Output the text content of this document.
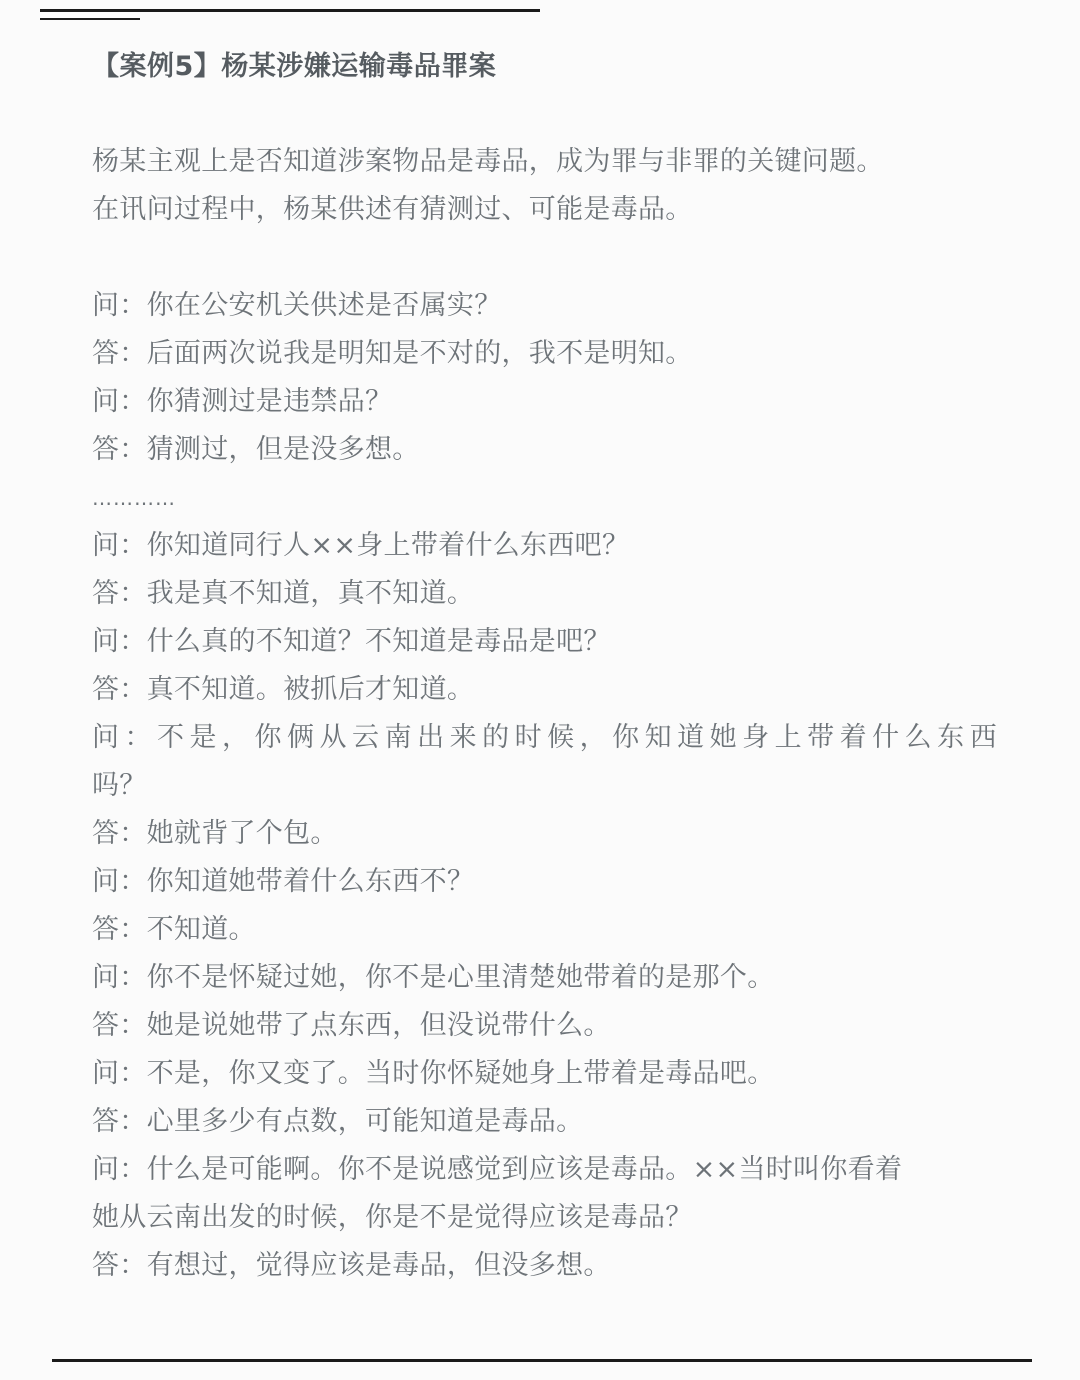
【案例5】杨某涉嫌运输毒品罪案

杨某主观上是否知道涉案物品是毒品，成为罪与非罪的关键问题。

在讯问过程中，杨某供述有猜测过、可能是毒品。

问：你在公安机关供述是否属实？

答：后面两次说我是明知是不对的，我不是明知。

问：你猜测过是违禁品？

答：猜测过，但是没多想。

…………

问：你知道同行人××身上带着什么东西吧？

答：我是真不知道，真不知道。

问：什么真的不知道？不知道是毒品是吧？

答：真不知道。被抓后才知道。

问：不是，你俩从云南出来的时候，你知道她身上带着什么东西

吗？

答：她就背了个包。

问：你知道她带着什么东西不？

答：不知道。

问：你不是怀疑过她，你不是心里清楚她带着的是那个。

答：她是说她带了点东西，但没说带什么。

问：不是，你又变了。当时你怀疑她身上带着是毒品吧。

答：心里多少有点数，可能知道是毒品。

问：什么是可能啊。你不是说感觉到应该是毒品。××当时叫你看着

她从云南出发的时候，你是不是觉得应该是毒品？

答：有想过，觉得应该是毒品，但没多想。
